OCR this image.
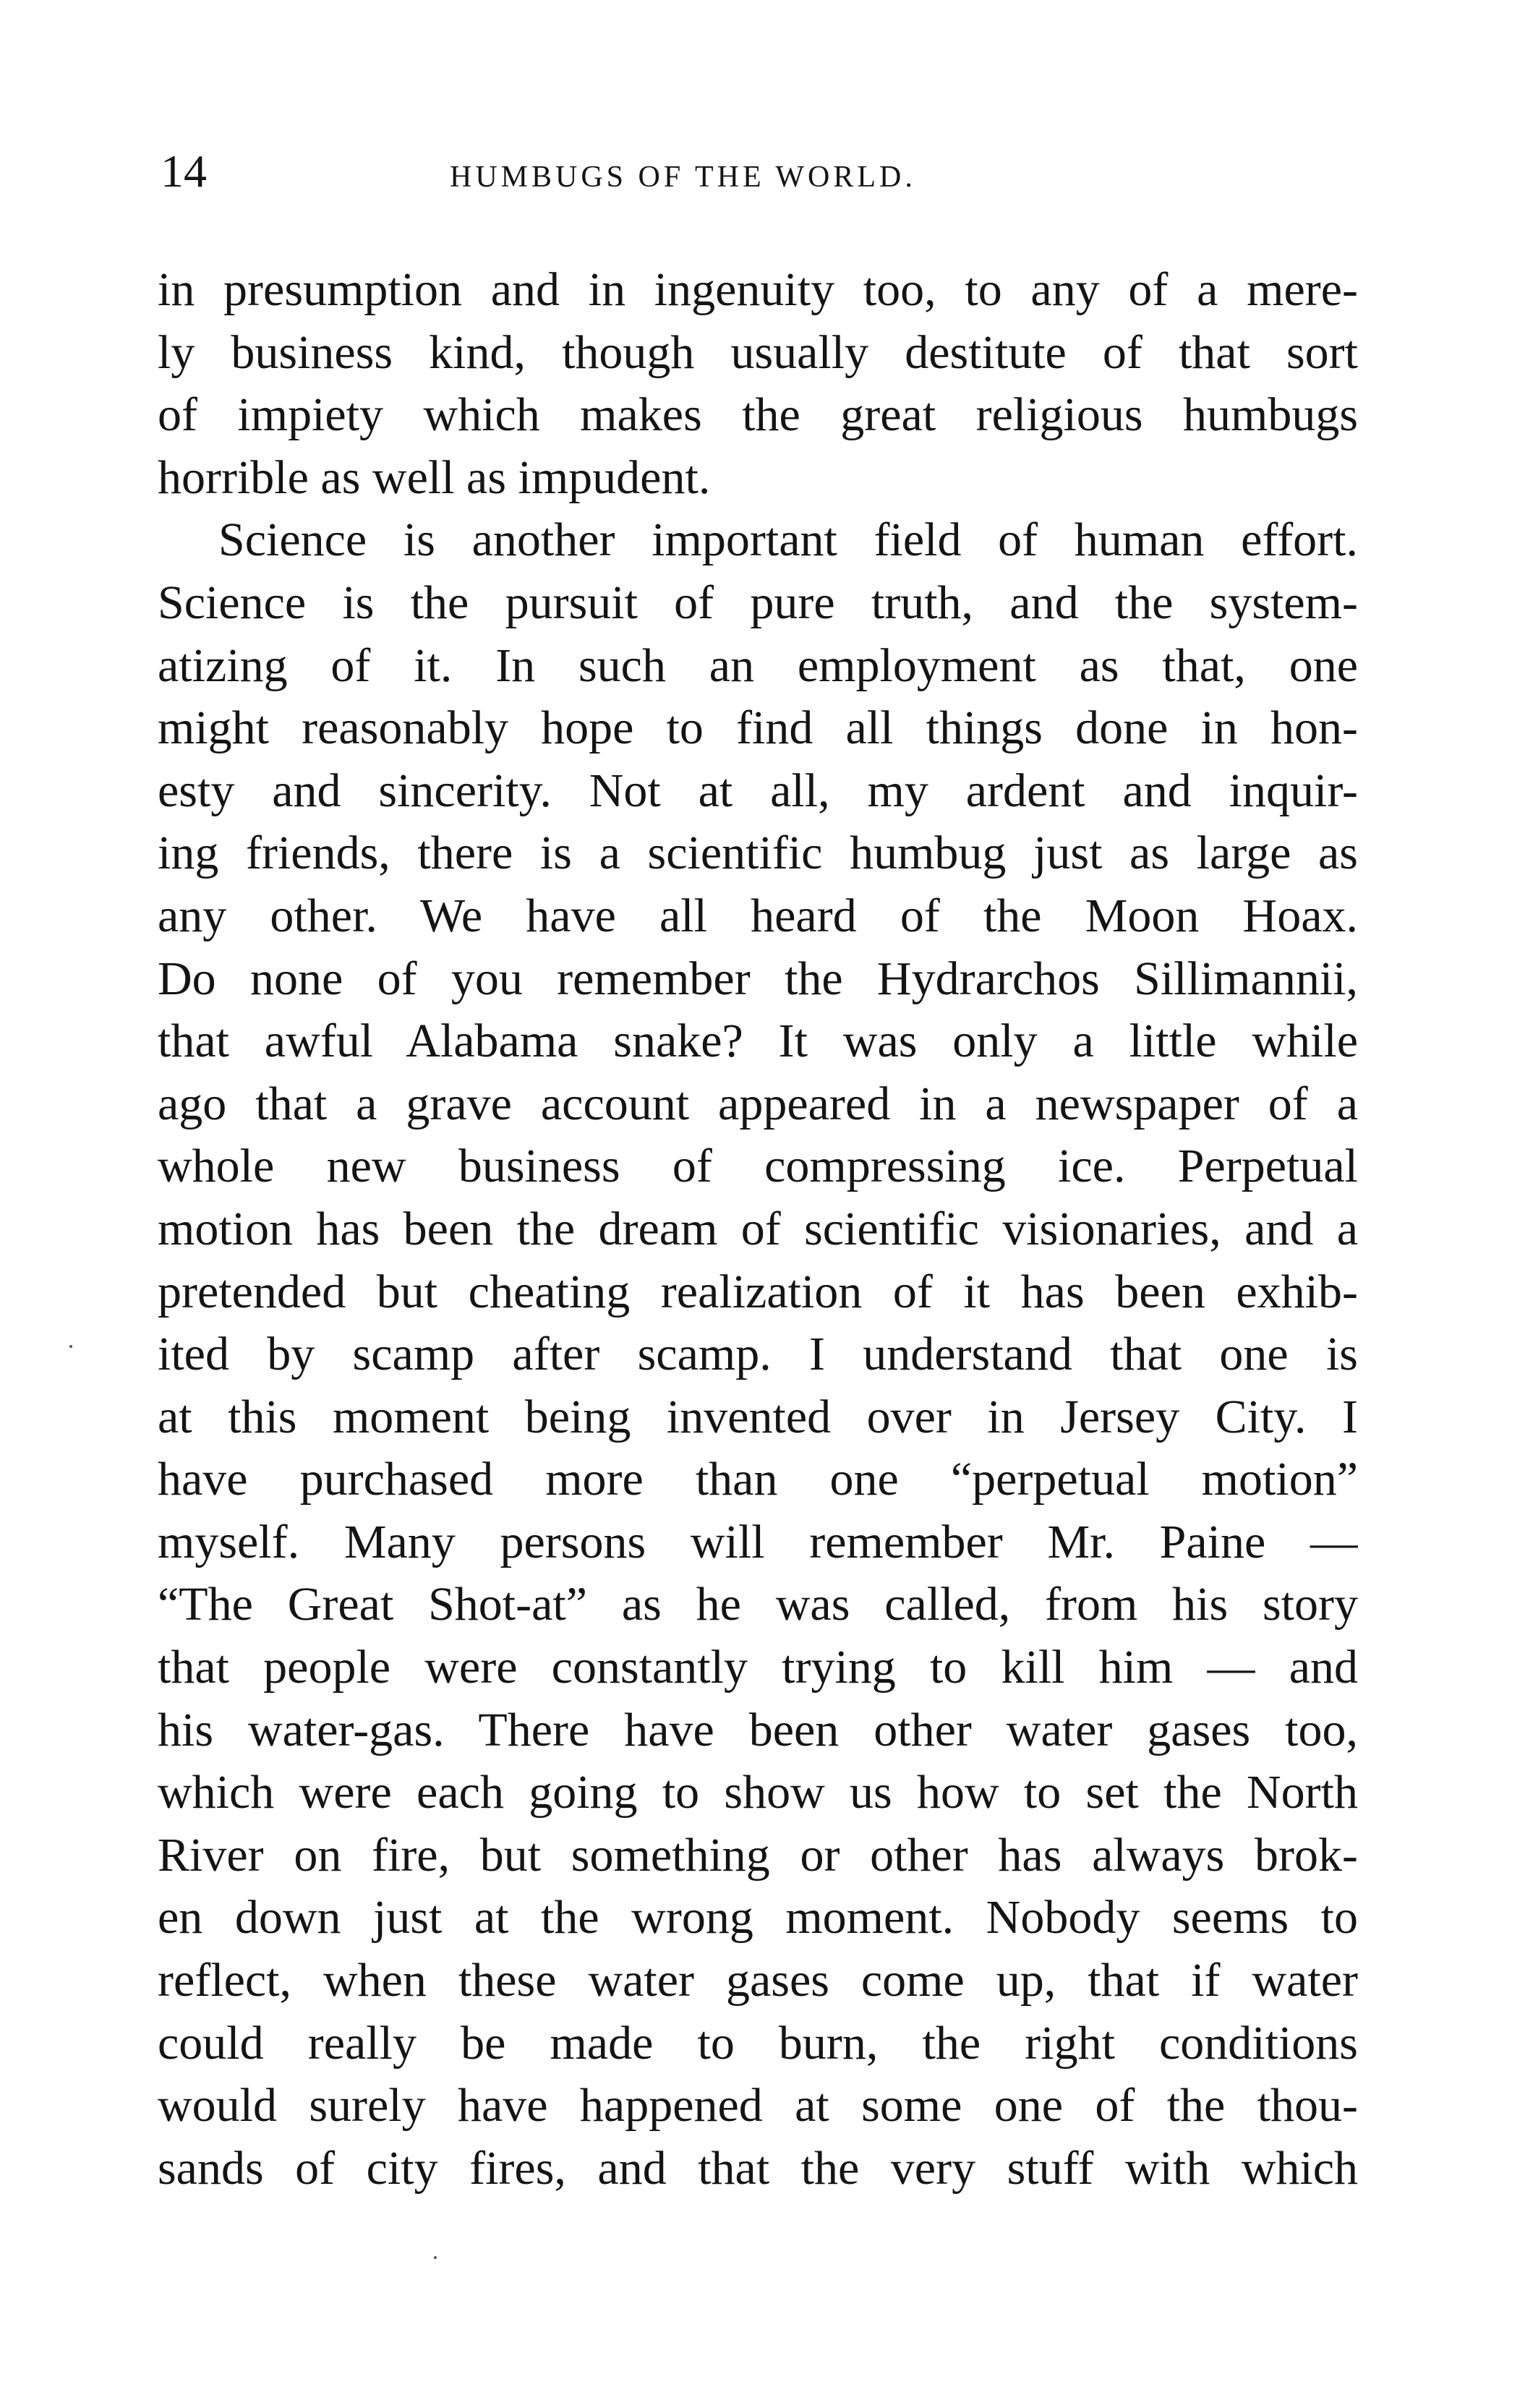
14	HUMBUGS OF THE WORLD.
in presumption and in ingenuity too, to any of a mere-
ly business kind, though usually destitute of that sort
of impiety which makes the great religious humbugs
horrible as well as impudent.
Science is another important field of human effort.
Science is the pursuit of pure truth, and the system-
atizing of it. In such an employment as that, one
might reasonably hope to find all things done in hon-
esty and sincerity. Not at all, my ardent and inquir-
ing friends, there is a scientific humbug just as large as
any other. We have all heard of the Moon Hoax.
Do none of you remember the Hydrarchos Sillimannii,
that awful Alabama snake? It was only a little while
ago that a grave account appeared in a newspaper of a
whole new business of compressing ice. Perpetual
motion has been the dream of scientific visionaries, and a
pretended but cheating realization of it has been exhib-
ited by scamp after scamp. I understand that one is
at this moment being invented over in Jersey City. I
have purchased more than one “perpetual motion”
myself. Many persons will remember Mr. Paine —
“The Great Shot-at” as he was called, from his story
that people were constantly trying to kill him — and
his water-gas. There have been other water gases too,
which were each going to show us how to set the North
River on fire, but something or other has always brok-
en down just at the wrong moment. Nobody seems to
reflect, when these water gases come up, that if water
could really be made to burn, the right conditions
would surely have happened at some one of the thou-
sands of city fires, and that the very stuff with which
